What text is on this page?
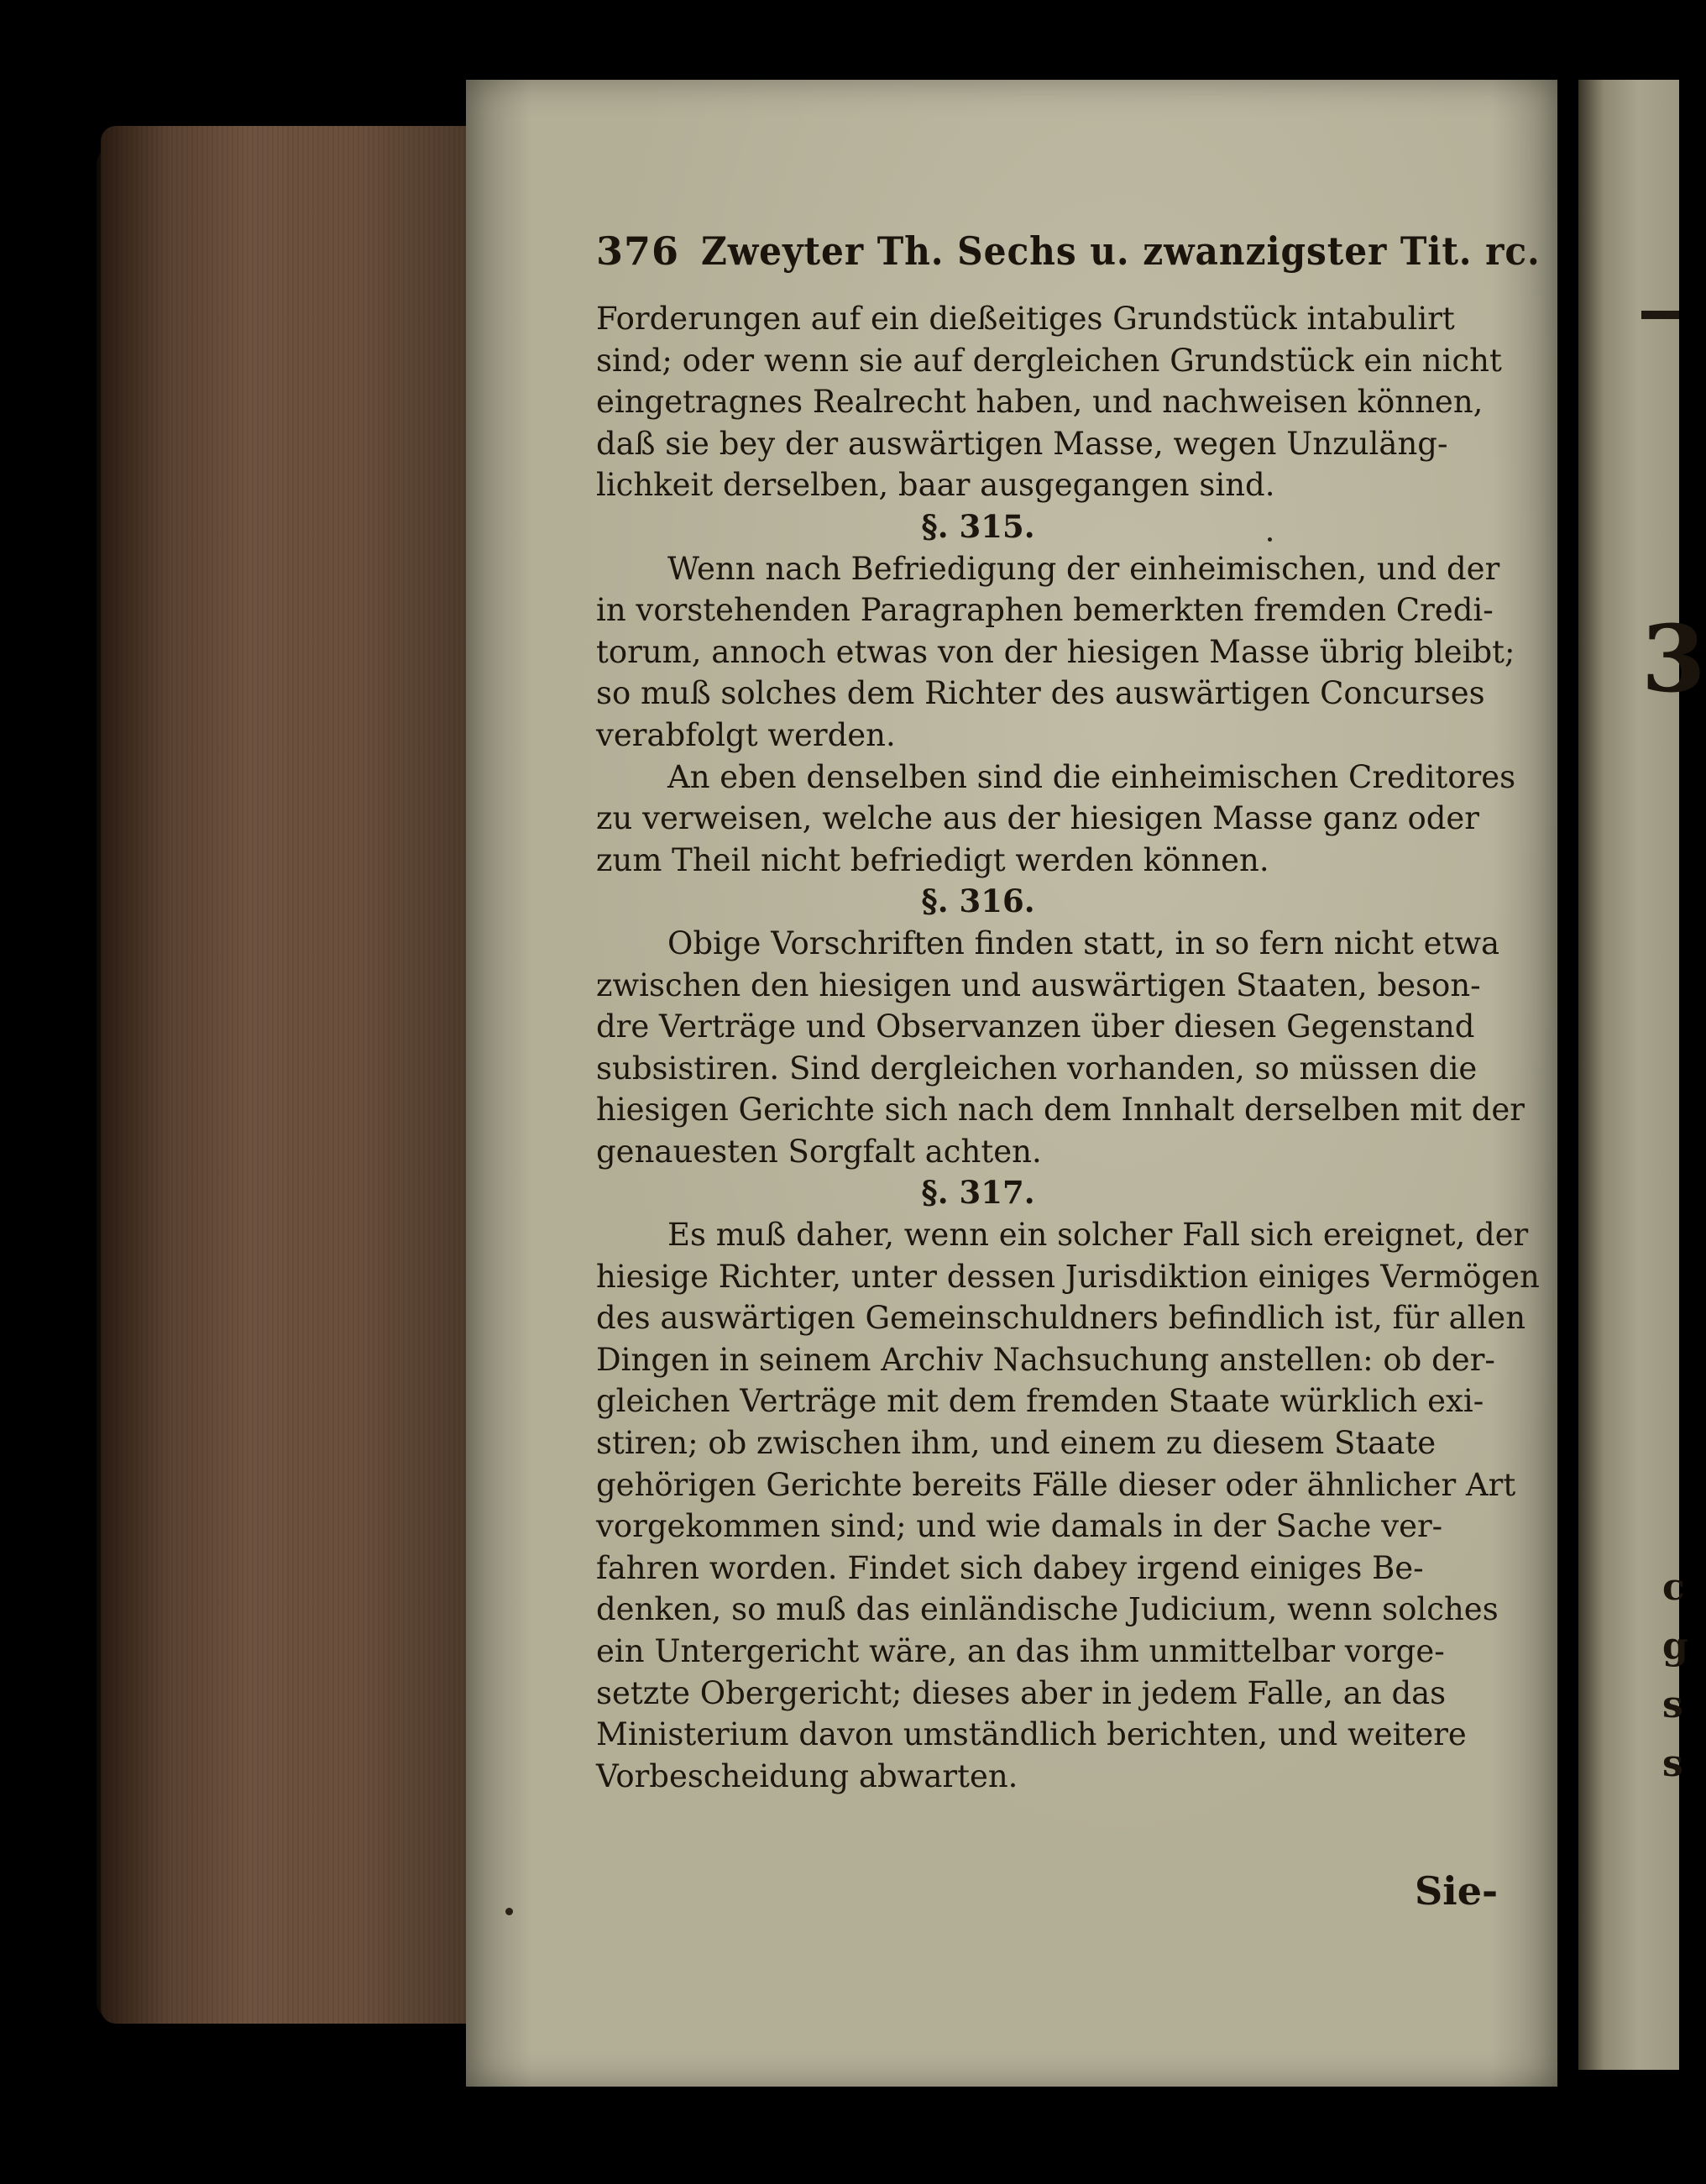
3
c
g
s
s
376 Zweyter Th. Sechs u. zwanzigster Tit. rc.
Forderungen auf ein dießeitiges Grundstück intabulirt
sind; oder wenn sie auf dergleichen Grundstück ein nicht
eingetragnes Realrecht haben, und nachweisen können,
daß sie bey der auswärtigen Masse, wegen Unzuläng-
lichkeit derselben, baar ausgegangen sind.
§. 315.
Wenn nach Befriedigung der einheimischen, und der
in vorstehenden Paragraphen bemerkten fremden Credi-
torum, annoch etwas von der hiesigen Masse übrig bleibt;
so muß solches dem Richter des auswärtigen Concurses
verabfolgt werden.
An eben denselben sind die einheimischen Creditores
zu verweisen, welche aus der hiesigen Masse ganz oder
zum Theil nicht befriedigt werden können.
§. 316.
Obige Vorschriften finden statt, in so fern nicht etwa
zwischen den hiesigen und auswärtigen Staaten, beson-
dre Verträge und Observanzen über diesen Gegenstand
subsistiren. Sind dergleichen vorhanden, so müssen die
hiesigen Gerichte sich nach dem Innhalt derselben mit der
genauesten Sorgfalt achten.
§. 317.
Es muß daher, wenn ein solcher Fall sich ereignet, der
hiesige Richter, unter dessen Jurisdiktion einiges Vermögen
des auswärtigen Gemeinschuldners befindlich ist, für allen
Dingen in seinem Archiv Nachsuchung anstellen: ob der-
gleichen Verträge mit dem fremden Staate würklich exi-
stiren; ob zwischen ihm, und einem zu diesem Staate
gehörigen Gerichte bereits Fälle dieser oder ähnlicher Art
vorgekommen sind; und wie damals in der Sache ver-
fahren worden. Findet sich dabey irgend einiges Be-
denken, so muß das einländische Judicium, wenn solches
ein Untergericht wäre, an das ihm unmittelbar vorge-
setzte Obergericht; dieses aber in jedem Falle, an das
Ministerium davon umständlich berichten, und weitere
Vorbescheidung abwarten.
Sie-
